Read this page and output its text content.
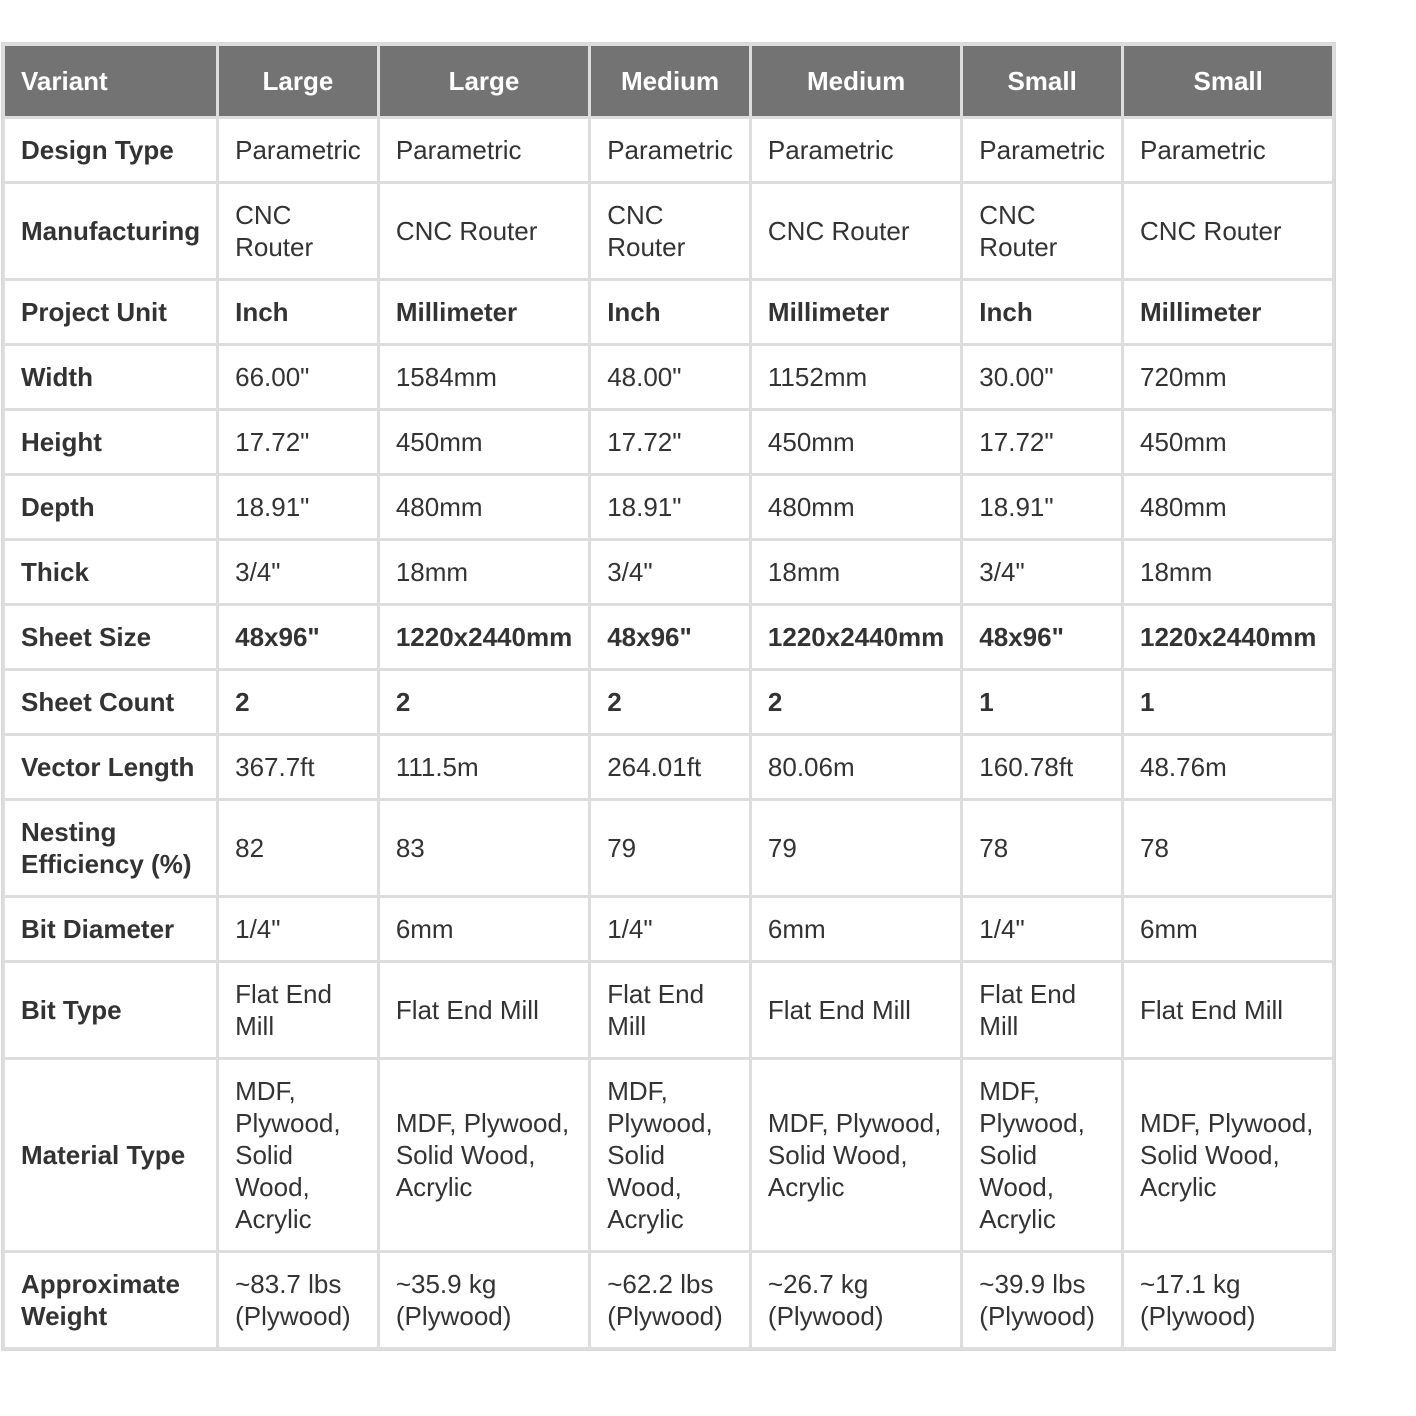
Variant	Large	Large	Medium	Medium	Small	Small
Design Type	Parametric	Parametric	Parametric	Parametric	Parametric	Parametric
Manufacturing	CNC Router	CNC Router	CNC Router	CNC Router	CNC Router	CNC Router
Project Unit	Inch	Millimeter	Inch	Millimeter	Inch	Millimeter
Width	66.00"	1584mm	48.00"	1152mm	30.00"	720mm
Height	17.72"	450mm	17.72"	450mm	17.72"	450mm
Depth	18.91"	480mm	18.91"	480mm	18.91"	480mm
Thick	3/4"	18mm	3/4"	18mm	3/4"	18mm
Sheet Size	48x96"	1220x2440mm	48x96"	1220x2440mm	48x96"	1220x2440mm
Sheet Count	2	2	2	2	1	1
Vector Length	367.7ft	111.5m	264.01ft	80.06m	160.78ft	48.76m
Nesting Efficiency (%)	82	83	79	79	78	78
Bit Diameter	1/4"	6mm	1/4"	6mm	1/4"	6mm
Bit Type	Flat End Mill	Flat End Mill	Flat End Mill	Flat End Mill	Flat End Mill	Flat End Mill
Material Type	MDF, Plywood, Solid Wood, Acrylic	MDF, Plywood, Solid Wood, Acrylic	MDF, Plywood, Solid Wood, Acrylic	MDF, Plywood, Solid Wood, Acrylic	MDF, Plywood, Solid Wood, Acrylic	MDF, Plywood, Solid Wood, Acrylic
Approximate Weight	~83.7 lbs (Plywood)	~35.9 kg (Plywood)	~62.2 lbs (Plywood)	~26.7 kg (Plywood)	~39.9 lbs (Plywood)	~17.1 kg (Plywood)
